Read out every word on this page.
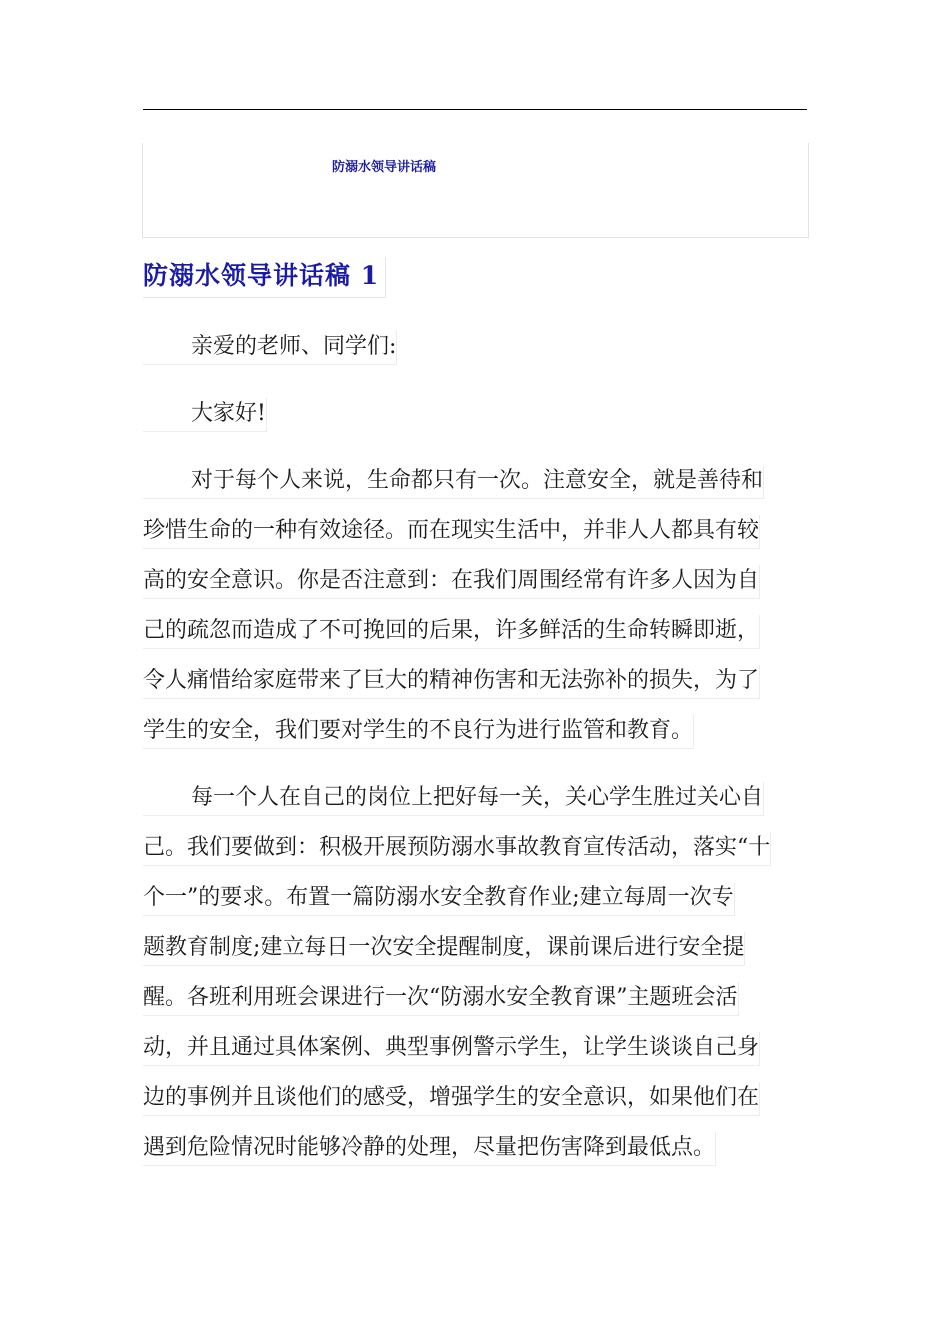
防溺水领导讲话稿
防溺水领导讲话稿 1
亲爱的老师、同学们:
大家好!
对于每个人来说，生命都只有一次。注意安全，就是善待和
珍惜生命的一种有效途径。而在现实生活中，并非人人都具有较
高的安全意识。你是否注意到：在我们周围经常有许多人因为自
己的疏忽而造成了不可挽回的后果，许多鲜活的生命转瞬即逝，
令人痛惜给家庭带来了巨大的精神伤害和无法弥补的损失，为了
学生的安全，我们要对学生的不良行为进行监管和教育。
每一个人在自己的岗位上把好每一关，关心学生胜过关心自
己。我们要做到：积极开展预防溺水事故教育宣传活动，落实“十
个一”的要求。布置一篇防溺水安全教育作业;建立每周一次专
题教育制度;建立每日一次安全提醒制度，课前课后进行安全提
醒。各班利用班会课进行一次“防溺水安全教育课”主题班会活
动，并且通过具体案例、典型事例警示学生，让学生谈谈自己身
边的事例并且谈他们的感受，增强学生的安全意识，如果他们在
遇到危险情况时能够冷静的处理，尽量把伤害降到最低点。
